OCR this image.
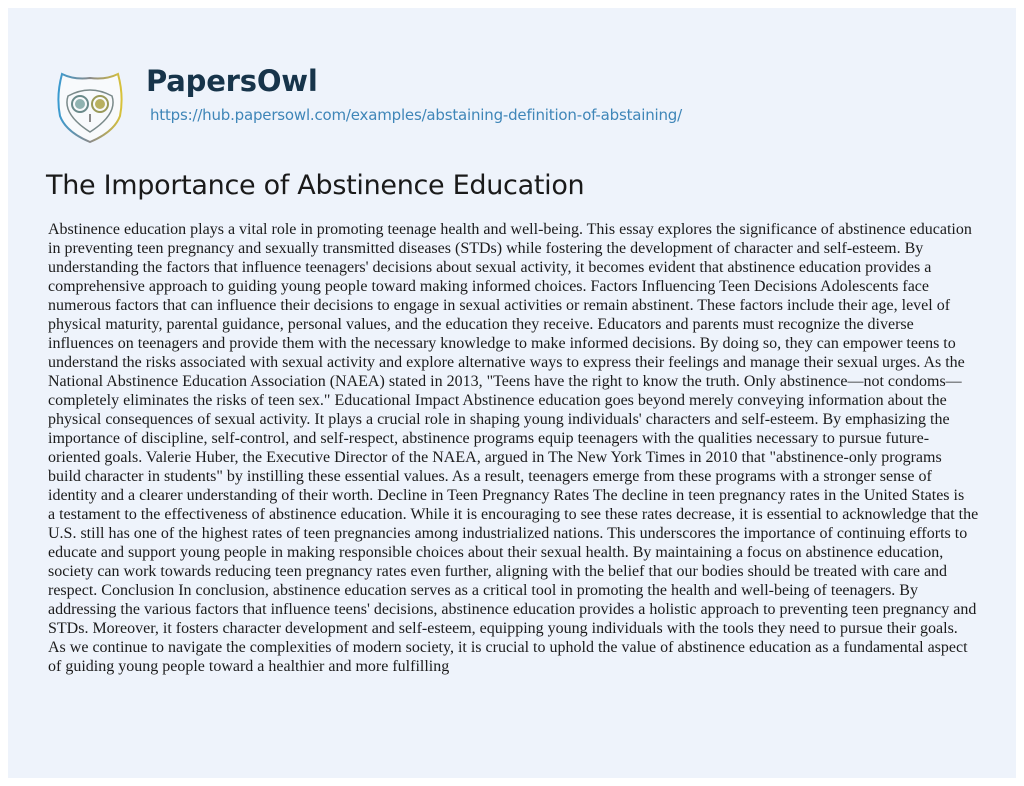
PapersOwl
https://hub.papersowl.com/examples/abstaining-definition-of-abstaining/
The Importance of Abstinence Education
Abstinence education plays a vital role in promoting teenage health and well-being. This essay explores the significance of abstinence education
in preventing teen pregnancy and sexually transmitted diseases (STDs) while fostering the development of character and self-esteem. By
understanding the factors that influence teenagers' decisions about sexual activity, it becomes evident that abstinence education provides a
comprehensive approach to guiding young people toward making informed choices. Factors Influencing Teen Decisions Adolescents face
numerous factors that can influence their decisions to engage in sexual activities or remain abstinent. These factors include their age, level of
physical maturity, parental guidance, personal values, and the education they receive. Educators and parents must recognize the diverse
influences on teenagers and provide them with the necessary knowledge to make informed decisions. By doing so, they can empower teens to
understand the risks associated with sexual activity and explore alternative ways to express their feelings and manage their sexual urges. As the
National Abstinence Education Association (NAEA) stated in 2013, "Teens have the right to know the truth. Only abstinence—not condoms—
completely eliminates the risks of teen sex." Educational Impact Abstinence education goes beyond merely conveying information about the
physical consequences of sexual activity. It plays a crucial role in shaping young individuals' characters and self-esteem. By emphasizing the
importance of discipline, self-control, and self-respect, abstinence programs equip teenagers with the qualities necessary to pursue future-
oriented goals. Valerie Huber, the Executive Director of the NAEA, argued in The New York Times in 2010 that "abstinence-only programs
build character in students" by instilling these essential values. As a result, teenagers emerge from these programs with a stronger sense of
identity and a clearer understanding of their worth. Decline in Teen Pregnancy Rates The decline in teen pregnancy rates in the United States is
a testament to the effectiveness of abstinence education. While it is encouraging to see these rates decrease, it is essential to acknowledge that the
U.S. still has one of the highest rates of teen pregnancies among industrialized nations. This underscores the importance of continuing efforts to
educate and support young people in making responsible choices about their sexual health. By maintaining a focus on abstinence education,
society can work towards reducing teen pregnancy rates even further, aligning with the belief that our bodies should be treated with care and
respect. Conclusion In conclusion, abstinence education serves as a critical tool in promoting the health and well-being of teenagers. By
addressing the various factors that influence teens' decisions, abstinence education provides a holistic approach to preventing teen pregnancy and
STDs. Moreover, it fosters character development and self-esteem, equipping young individuals with the tools they need to pursue their goals.
As we continue to navigate the complexities of modern society, it is crucial to uphold the value of abstinence education as a fundamental aspect
of guiding young people toward a healthier and more fulfilling
